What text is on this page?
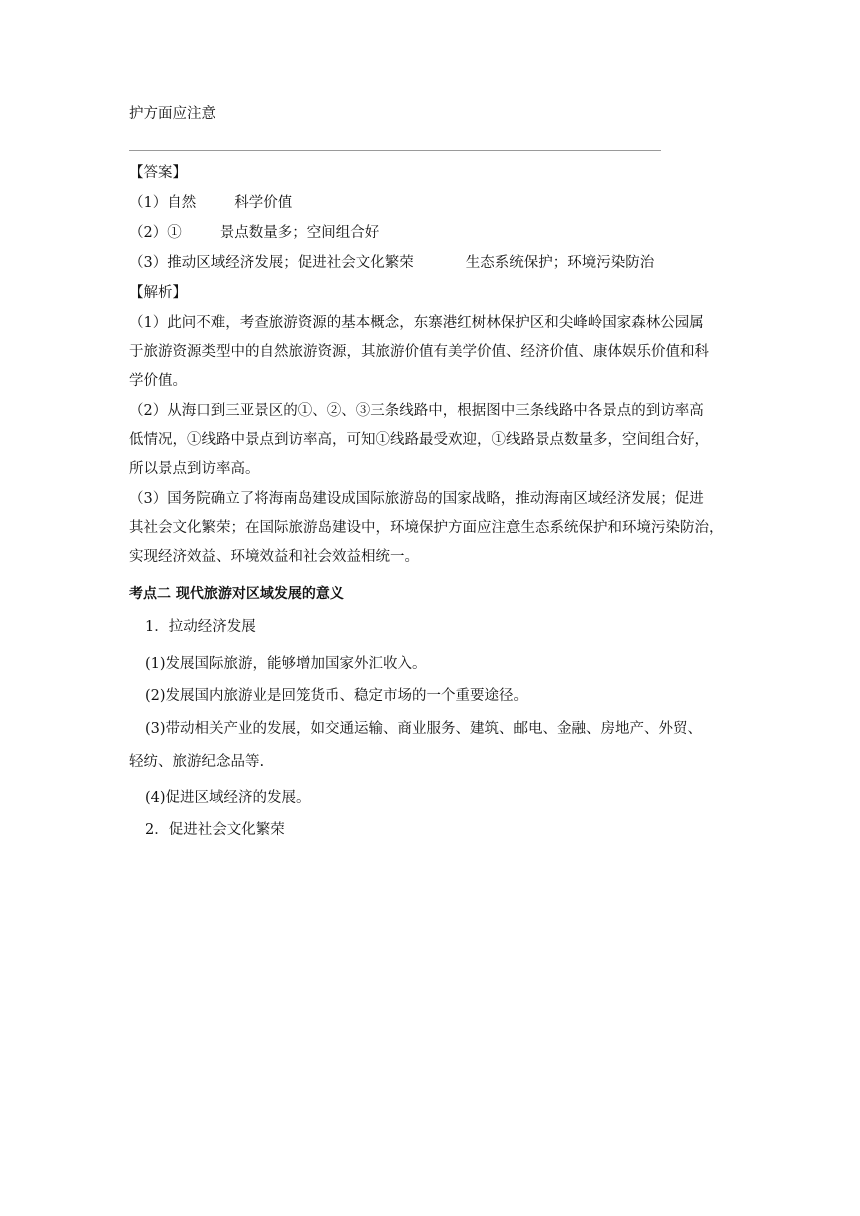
护方面应注意
【答案】
（1）自然	科学价值
（2）①	景点数量多；空间组合好
（3）推动区域经济发展；促进社会文化繁荣	生态系统保护；环境污染防治
【解析】
（1）此问不难，考查旅游资源的基本概念，东寨港红树林保护区和尖峰岭国家森林公园属
于旅游资源类型中的自然旅游资源，其旅游价值有美学价值、经济价值、康体娱乐价值和科
学价值。
（2）从海口到三亚景区的①、②、③三条线路中，根据图中三条线路中各景点的到访率高
低情况，①线路中景点到访率高，可知①线路最受欢迎，①线路景点数量多，空间组合好，
所以景点到访率高。
（3）国务院确立了将海南岛建设成国际旅游岛的国家战略，推动海南区域经济发展；促进
其社会文化繁荣；在国际旅游岛建设中，环境保护方面应注意生态系统保护和环境污染防治，
实现经济效益、环境效益和社会效益相统一。
考点二 现代旅游对区域发展的意义
1．拉动经济发展
(1)发展国际旅游，能够增加国家外汇收入。
(2)发展国内旅游业是回笼货币、稳定市场的一个重要途径。
(3)带动相关产业的发展，如交通运输、商业服务、建筑、邮电、金融、房地产、外贸、
轻纺、旅游纪念品等.
(4)促进区域经济的发展。
2．促进社会文化繁荣
